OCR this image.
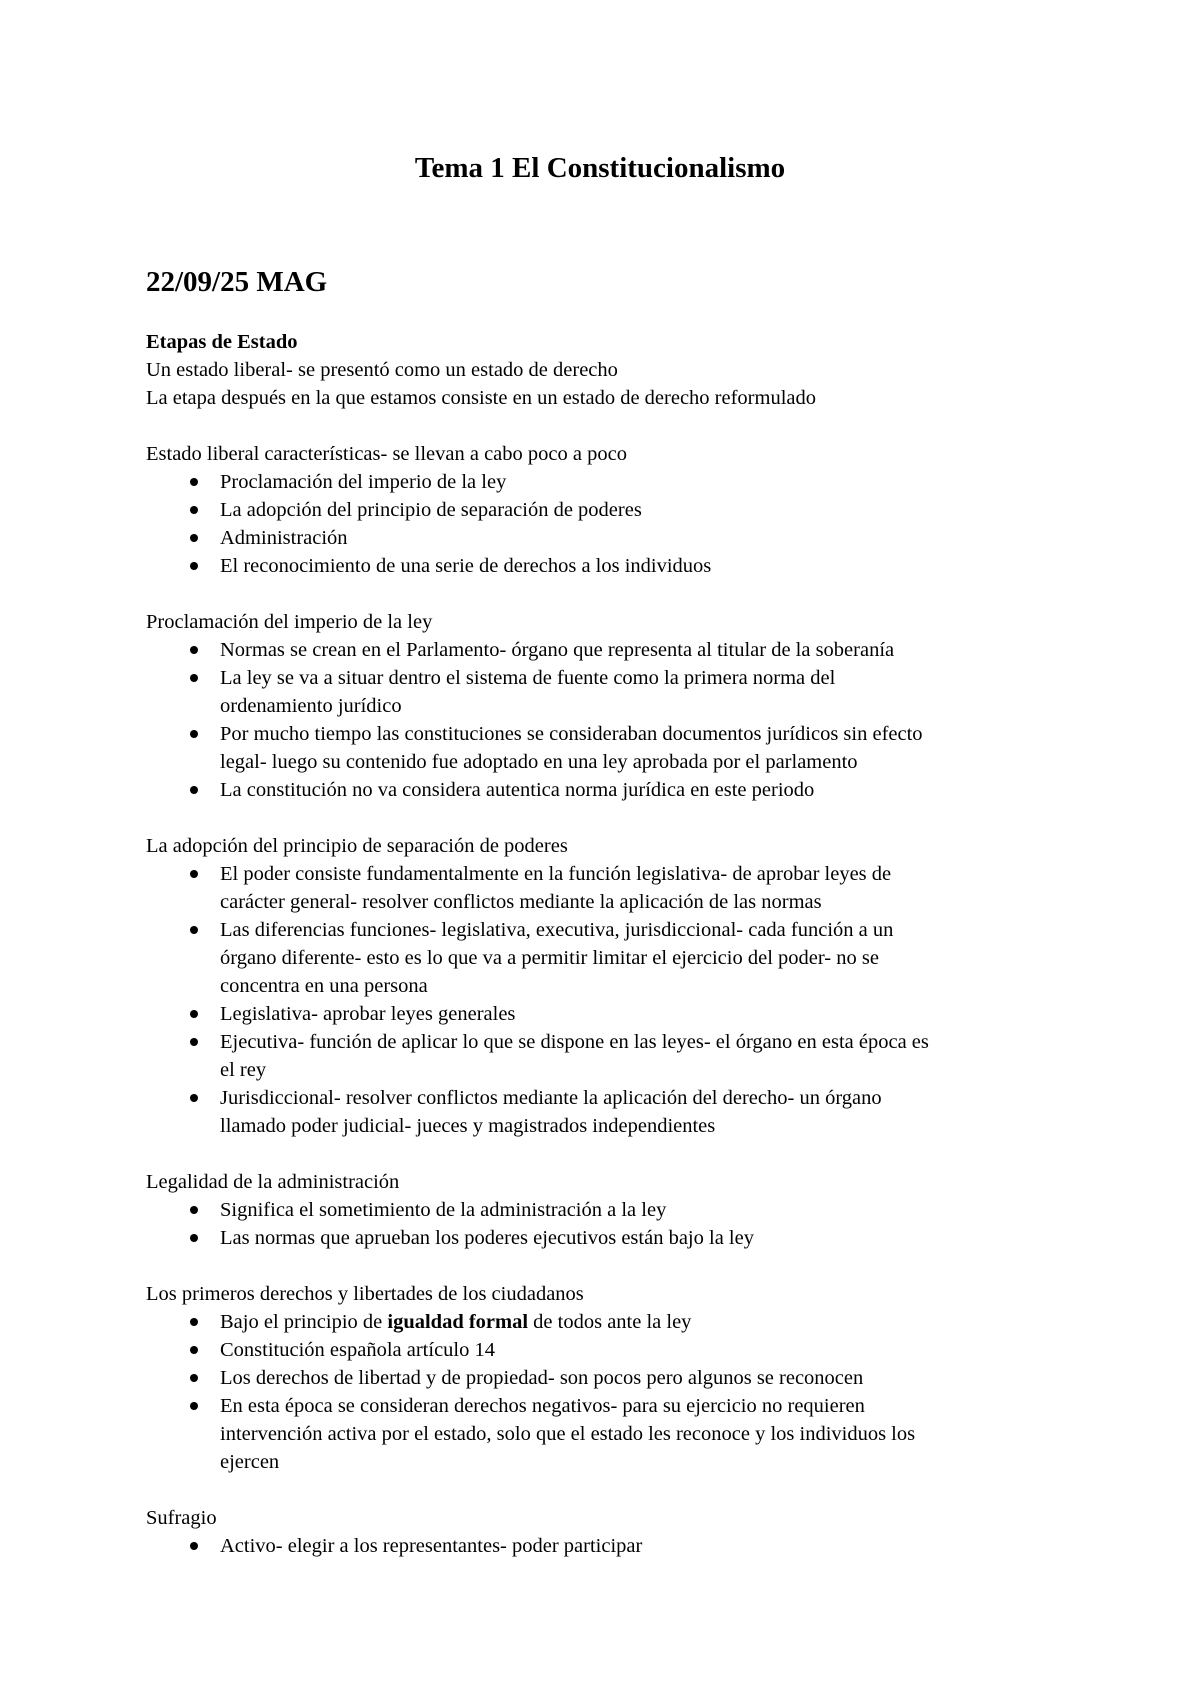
Tema 1 El Constitucionalismo
22/09/25 MAG

Etapas de Estado

Un estado liberal- se presentó como un estado de derecho

La etapa después en la que estamos consiste en un estado de derecho reformulado

Estado liberal características- se llevan a cabo poco a poco

Proclamación del imperio de la ley

La adopción del principio de separación de poderes

Administración

El reconocimiento de una serie de derechos a los individuos

Proclamación del imperio de la ley

Normas se crean en el Parlamento- órgano que representa al titular de la soberanía

La ley se va a situar dentro el sistema de fuente como la primera norma del

ordenamiento jurídico

Por mucho tiempo las constituciones se consideraban documentos jurídicos sin efecto

legal- luego su contenido fue adoptado en una ley aprobada por el parlamento

La constitución no va considera autentica norma jurídica en este periodo

La adopción del principio de separación de poderes

El poder consiste fundamentalmente en la función legislativa- de aprobar leyes de

carácter general- resolver conflictos mediante la aplicación de las normas

Las diferencias funciones- legislativa, executiva, jurisdiccional- cada función a un

órgano diferente- esto es lo que va a permitir limitar el ejercicio del poder- no se

concentra en una persona

Legislativa- aprobar leyes generales

Ejecutiva- función de aplicar lo que se dispone en las leyes- el órgano en esta época es

el rey

Jurisdiccional- resolver conflictos mediante la aplicación del derecho- un órgano

llamado poder judicial- jueces y magistrados independientes

Legalidad de la administración

Significa el sometimiento de la administración a la ley

Las normas que aprueban los poderes ejecutivos están bajo la ley

Los primeros derechos y libertades de los ciudadanos

Bajo el principio de igualdad formal de todos ante la ley

Constitución española artículo 14

Los derechos de libertad y de propiedad- son pocos pero algunos se reconocen

En esta época se consideran derechos negativos- para su ejercicio no requieren

intervención activa por el estado, solo que el estado les reconoce y los individuos los

ejercen

Sufragio

Activo- elegir a los representantes- poder participar
